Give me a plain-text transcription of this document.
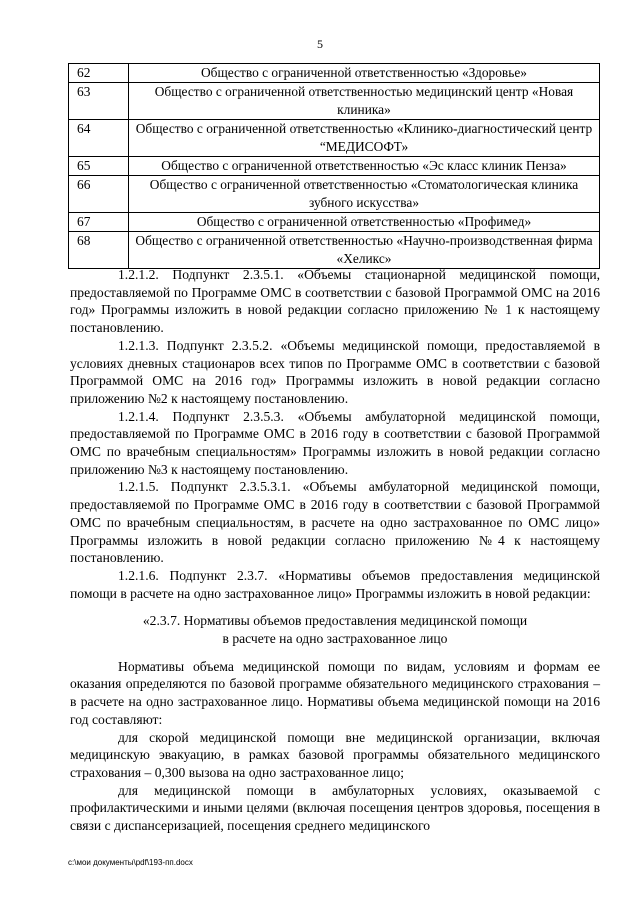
5
62	Общество с ограниченной ответственностью «Здоровье»
63	Общество с ограниченной ответственностью медицинский центр «Новая клиника»
64	Общество с ограниченной ответственностью «Клинико-диагностический центр “МЕДИСОФТ»
65	Общество с ограниченной ответственностью «Эс класс клиник Пенза»
66	Общество с ограниченной ответственностью «Стоматологическая клиника зубного искусства»
67	Общество с ограниченной ответственностью «Профимед»
68	Общество с ограниченной ответственностью «Научно-производственная фирма «Хеликс»

1.2.1.2. Подпункт 2.3.5.1. «Объемы стационарной медицинской помощи, предоставляемой по Программе ОМС в соответствии с базовой Программой ОМС на 2016 год» Программы изложить в новой редакции согласно приложению № 1 к настоящему постановлению.

1.2.1.3. Подпункт 2.3.5.2. «Объемы медицинской помощи, предоставляемой в условиях дневных стационаров всех типов по Программе ОМС в соответствии с базовой Программой ОМС на 2016 год» Программы изложить в новой редакции согласно приложению №2 к настоящему постановлению.

1.2.1.4. Подпункт 2.3.5.3. «Объемы амбулаторной медицинской помощи, предоставляемой по Программе ОМС в 2016 году в соответствии с базовой Программой ОМС по врачебным специальностям» Программы изложить в новой редакции согласно приложению №3 к настоящему постановлению.

1.2.1.5. Подпункт 2.3.5.3.1. «Объемы амбулаторной медицинской помощи, предоставляемой по Программе ОМС в 2016 году в соответствии с базовой Программой ОМС по врачебным специальностям, в расчете на одно застрахованное по ОМС лицо» Программы изложить в новой редакции согласно приложению №4 к настоящему постановлению.

1.2.1.6. Подпункт 2.3.7. «Нормативы объемов предоставления медицинской помощи в расчете на одно застрахованное лицо» Программы изложить в новой редакции:

«2.3.7. Нормативы объемов предоставления медицинской помощи
в расчете на одно застрахованное лицо

Нормативы объема медицинской помощи по видам, условиям и формам ее оказания определяются по базовой программе обязательного медицинского страхования – в расчете на одно застрахованное лицо. Нормативы объема медицинской помощи на 2016 год составляют:

для скорой медицинской помощи вне медицинской организации, включая медицинскую эвакуацию, в рамках базовой программы обязательного медицинского страхования – 0,300 вызова на одно застрахованное лицо;

для медицинской помощи в амбулаторных условиях, оказываемой с профилактическими и иными целями (включая посещения центров здоровья, посещения в связи с диспансеризацией, посещения среднего медицинского

c:\мои документы\pdf\193-пп.docx
